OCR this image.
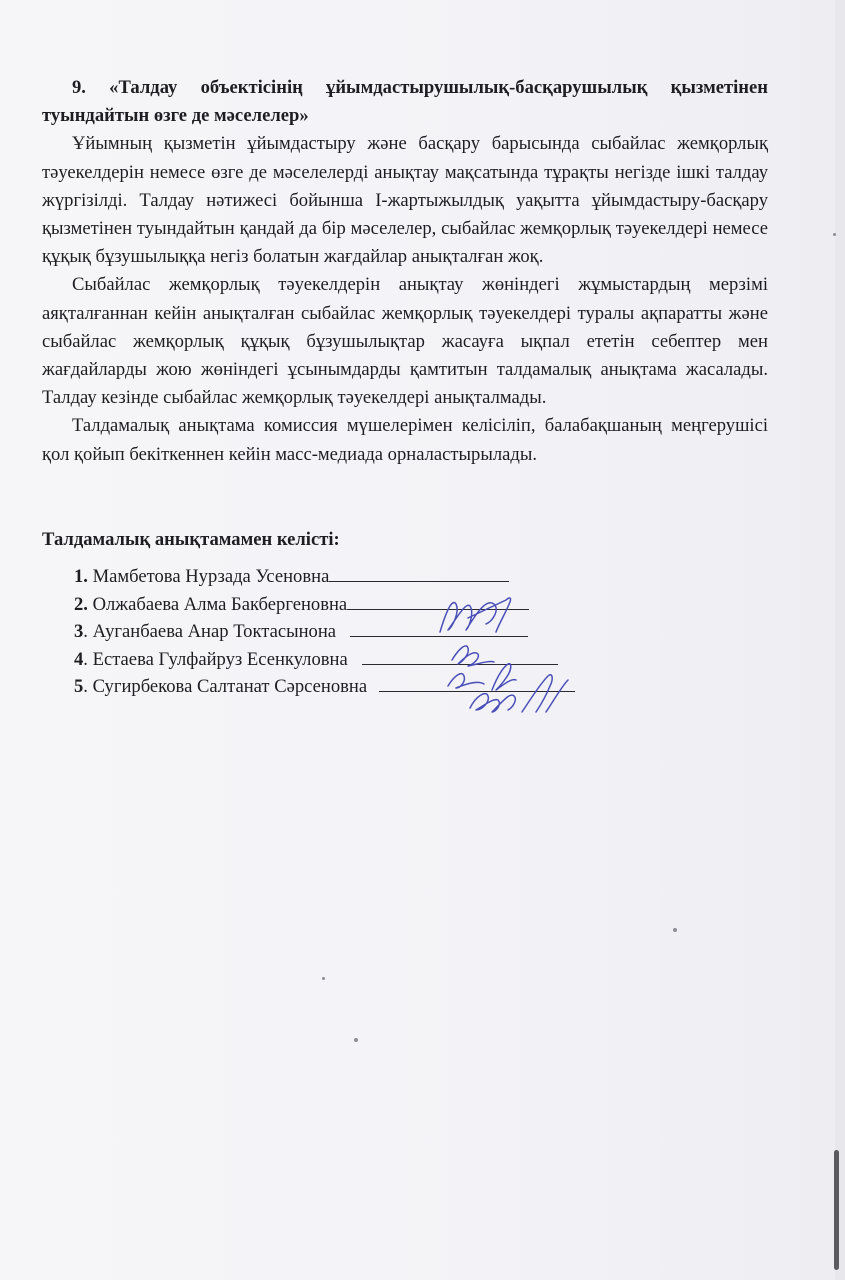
9. «Талдау объектісінің ұйымдастырушылық-басқарушылық қызметінен туындайтын өзге де мәселелер»

Ұйымның қызметін ұйымдастыру және басқару барысында сыбайлас жемқорлық тәуекелдерін немесе өзге де мәселелерді анықтау мақсатында тұрақты негізде ішкі талдау жүргізілді. Талдау нәтижесі бойынша І-жартыжылдық уақытта ұйымдастыру-басқару қызметінен туындайтын қандай да бір мәселелер, сыбайлас жемқорлық тәуекелдері немесе құқық бұзушылыққа негіз болатын жағдайлар анықталған жоқ.

Сыбайлас жемқорлық тәуекелдерін анықтау жөніндегі жұмыстардың мерзімі аяқталғаннан кейін анықталған сыбайлас жемқорлық тәуекелдері туралы ақпаратты және сыбайлас жемқорлық құқық бұзушылықтар жасауға ықпал ететін себептер мен жағдайларды жою жөніндегі ұсынымдарды қамтитын талдамалық анықтама жасалады. Талдау кезінде сыбайлас жемқорлық тәуекелдері анықталмады.

Талдамалық анықтама комиссия мүшелерімен келісіліп, балабақшаның меңгерушісі қол қойып бекіткеннен кейін масс-медиада орналастырылады.

Талдамалық анықтамамен келісті:
1. Мамбетова Нурзада Усеновна
2. Олжабаева Алма Бакбергеновна
3. Ауганбаева Анар Токтасынона
4. Естаева Гулфайруз Есенкуловна
5. Сугирбекова Салтанат Сәрсеновна
